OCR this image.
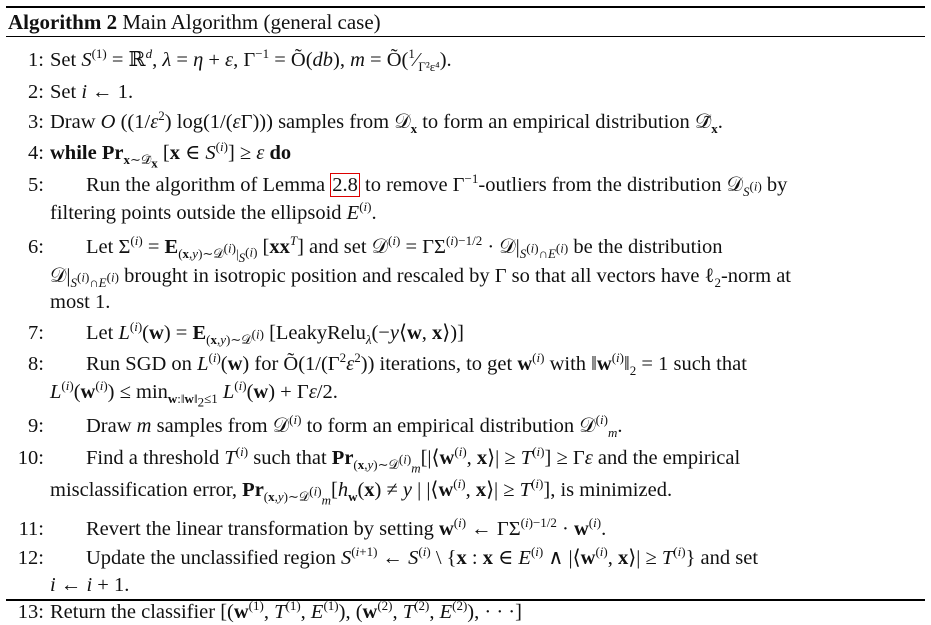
Algorithm 2 Main Algorithm (general case)
1: Set $S^{(1)}$ = ℝ$^d$, λ = η + ε, $\Gamma^{-1}$ = Õ(db), $m = Õ(^1⁄_{\Gamma^2\varepsilon^4})$.
2: Set i ← 1.
3: Draw O ($(1/\varepsilon^2)$ log(1/(εΓ))) samples from 𝒟$_x$ to form an empirical distribution $𝒟̃_x$.
4: while $Pr_{x\sim 𝒟̃_x}$ [x ∈ $S^{(i)}] \ge \varepsilon$ do
5: Run the algorithm of Lemma 2.8 to remove $\Gamma^{-1}$-outliers from the distribution 𝒟$_{S^{(i)}}$ by
filtering points outside the ellipsoid $E^{(i)}$.
6: Let $\Sigma^{(i)} = E_{(x,y)\sim 𝒟^{(i)}|_{S^{(i)}}}$ $[xx^T]$ and set 𝒟$^{(i)}$ = $\Gamma\Sigma^{(i)-1/2}$ · $𝒟|_{S^{(i)}\cap E^{(i)}}$ be the distribution
$𝒟|_{S^{(i)}\cap E^{(i)}}$ brought in isotropic position and rescaled by Γ so that all vectors have ℓ$_2$-norm at
most 1.
7: Let $L^{(i)}(w) = E_{(x,y)\sim 𝒟^{(i)}}$ [LeakyRelu$_\lambda$(−y⟨w, x⟩)]
8: Run SGD on $L^{(i)}(w)$ for $Õ(1/(\Gamma^2\varepsilon^2))$ iterations, to get $w^{(i)}$ with $‖w^{(i)}‖_2 = 1$ such that
$L^{(i)}(w^{(i)}) \le \min_{w:‖w‖_2\le 1} L^{(i)}(w) + \Gamma\varepsilon/2$.
9: Draw m samples from 𝒟$^{(i)}$ to form an empirical distribution 𝒟$^{(i)}_m$.
10: Find a threshold $T^{(i)}$ such that $Pr_{(x,y)\sim 𝒟^{(i)}_m}[|⟨w^{(i)}$, x⟩| ≥ $T^{(i)}] \ge \Gamma\varepsilon$ and the empirical
misclassification error, $Pr_{(x,y)\sim 𝒟^{(i)}_m}[h_w(x) \ne y$ | $|⟨w^{(i)}$, x⟩| ≥ $T^{(i)}$], is minimized.
11: Revert the linear transformation by setting $w^{(i)}$ ← $\Gamma\Sigma^{(i)-1/2} \cdot w^{(i)}$.
12: Update the unclassified region $S^{(i+1)}$ ← $S^{(i)}$ \ {x : x ∈ $E^{(i)}$ ∧ $|⟨w^{(i)}$, x⟩| ≥ $T^{(i)}$} and set
i ← i + 1.
13: Return the classifier [($w^{(1)}$, $T^{(1)}$, $E^{(1)}$), ($w^{(2)}$, $T^{(2)}$, $E^{(2)}$), · · ·]
